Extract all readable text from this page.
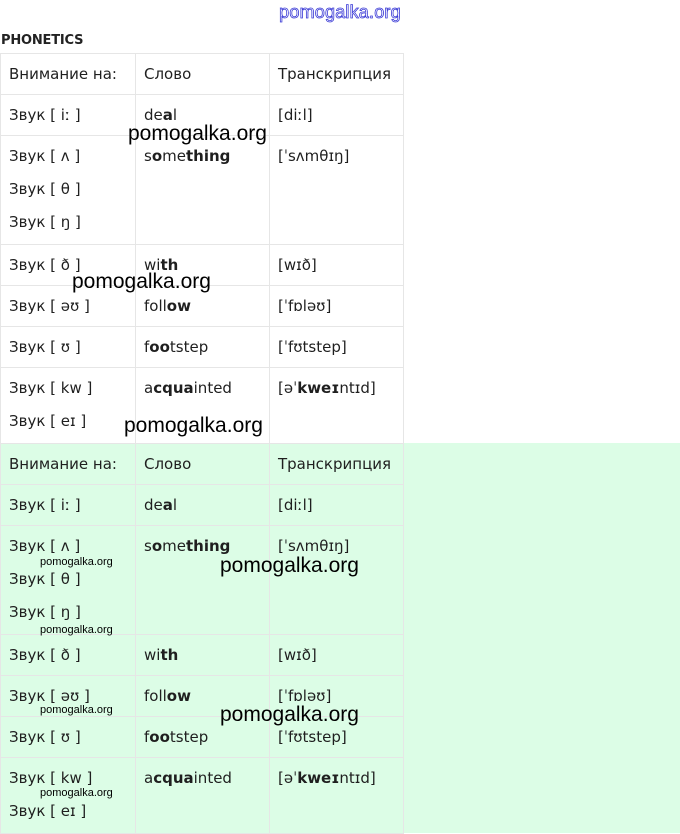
pomogalka.org
PHONETICS
Внимание на:	Слово	Транскрипция

Звук [ iː ]	deal	[diːl]

Звук [ ʌ ]
Звук [ θ ]
Звук [ ŋ ]	something	[ˈsʌmθɪŋ]

Звук [ ð ]	with	[wɪð]

Звук [ əʊ ]	follow	[ˈfɒləʊ]

Звук [ ʊ ]	footstep	[ˈfʊtstep]

Звук [ kw ]
Звук [ eɪ ]	acquainted	[əˈkweɪntɪd]
Внимание на:	Слово	Транскрипция

Звук [ iː ]	deal	[diːl]

Звук [ ʌ ]
Звук [ θ ]
Звук [ ŋ ]	something	[ˈsʌmθɪŋ]

Звук [ ð ]	with	[wɪð]

Звук [ əʊ ]	follow	[ˈfɒləʊ]

Звук [ ʊ ]	footstep	[ˈfʊtstep]

Звук [ kw ]
Звук [ eɪ ]	acquainted	[əˈkweɪntɪd]
pomogalka.org
pomogalka.org
pomogalka.org
pomogalka.org
pomogalka.org
pomogalka.org
pomogalka.org
pomogalka.org
pomogalka.org
